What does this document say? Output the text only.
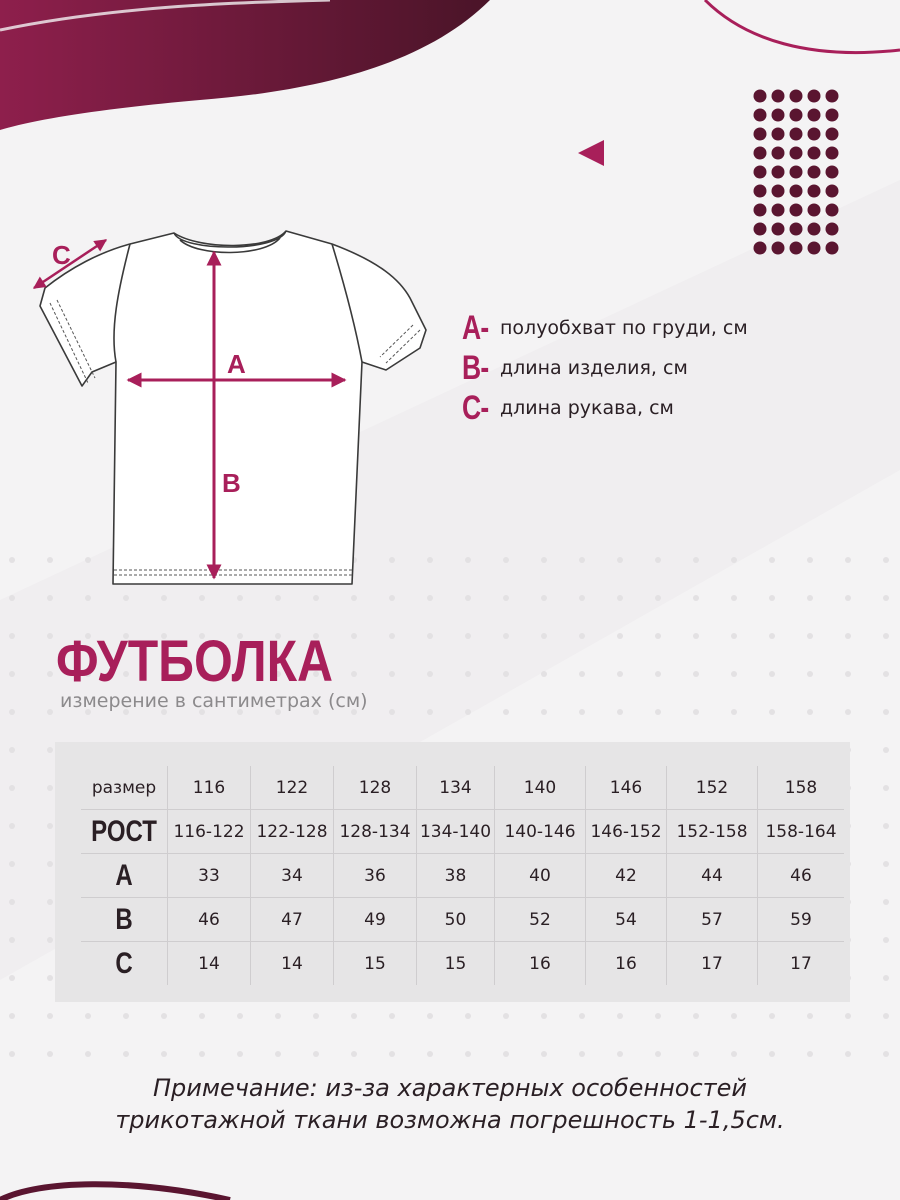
A
B
C
A- полуобхват по груди, см
B- длина изделия, см
C- длина рукава, см
ФУТБОЛКА
измерение в сантиметрах (см)
размер	116	122	128	134	140	146	152	158
РОСТ	116-122	122-128	128-134	134-140	140-146	146-152	152-158	158-164
A	33	34	36	38	40	42	44	46
B	46	47	49	50	52	54	57	59
C	14	14	15	15	16	16	17	17
Примечание: из-за характерных особенностей
трикотажной ткани возможна погрешность 1-1,5см.
